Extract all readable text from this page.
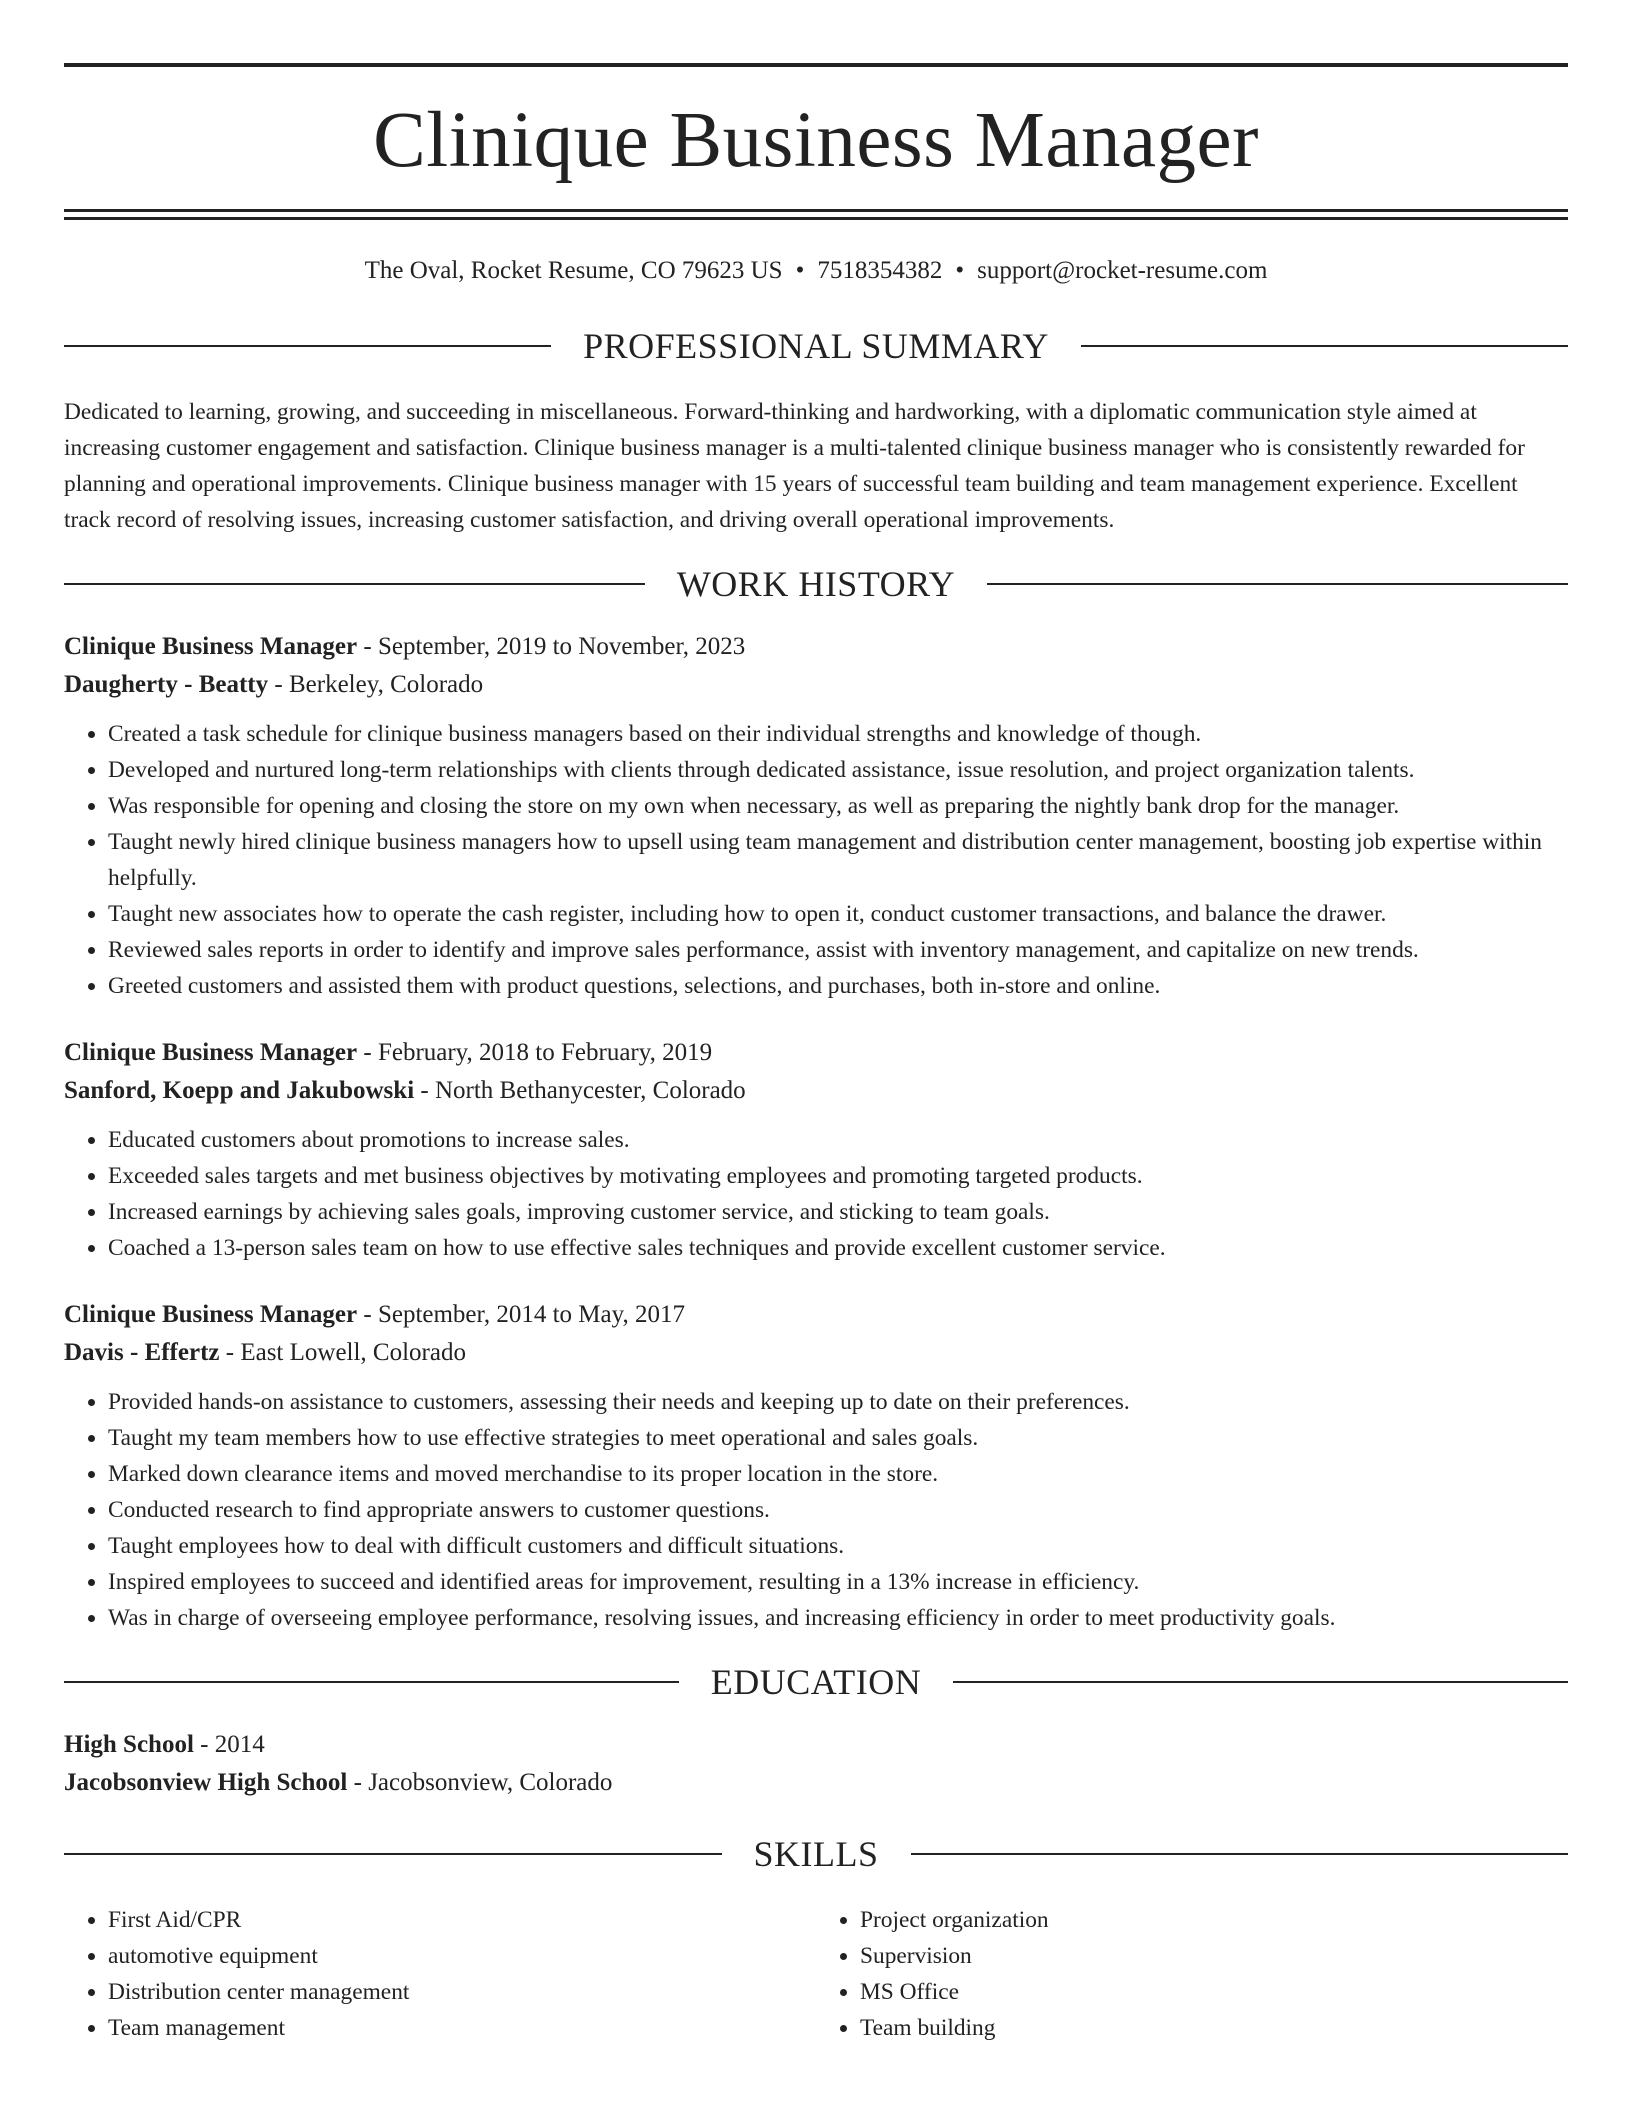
Clinique Business Manager
The Oval, Rocket Resume, CO 79623 US • 7518354382 • support@rocket-resume.com
PROFESSIONAL SUMMARY

Dedicated to learning, growing, and succeeding in miscellaneous. Forward-thinking and hardworking, with a diplomatic communication style aimed at increasing customer engagement and satisfaction. Clinique business manager is a multi-talented clinique business manager who is consistently rewarded for planning and operational improvements. Clinique business manager with 15 years of successful team building and team management experience. Excellent track record of resolving issues, increasing customer satisfaction, and driving overall operational improvements.

WORK HISTORY
Clinique Business Manager - September, 2019 to November, 2023
Daugherty - Beatty - Berkeley, Colorado
• Created a task schedule for clinique business managers based on their individual strengths and knowledge of though.
• Developed and nurtured long-term relationships with clients through dedicated assistance, issue resolution, and project organization talents.
• Was responsible for opening and closing the store on my own when necessary, as well as preparing the nightly bank drop for the manager.
• Taught newly hired clinique business managers how to upsell using team management and distribution center management, boosting job expertise within helpfully.
• Taught new associates how to operate the cash register, including how to open it, conduct customer transactions, and balance the drawer.
• Reviewed sales reports in order to identify and improve sales performance, assist with inventory management, and capitalize on new trends.
• Greeted customers and assisted them with product questions, selections, and purchases, both in-store and online.
Clinique Business Manager - February, 2018 to February, 2019
Sanford, Koepp and Jakubowski - North Bethanycester, Colorado
• Educated customers about promotions to increase sales.
• Exceeded sales targets and met business objectives by motivating employees and promoting targeted products.
• Increased earnings by achieving sales goals, improving customer service, and sticking to team goals.
• Coached a 13-person sales team on how to use effective sales techniques and provide excellent customer service.
Clinique Business Manager - September, 2014 to May, 2017
Davis - Effertz - East Lowell, Colorado
• Provided hands-on assistance to customers, assessing their needs and keeping up to date on their preferences.
• Taught my team members how to use effective strategies to meet operational and sales goals.
• Marked down clearance items and moved merchandise to its proper location in the store.
• Conducted research to find appropriate answers to customer questions.
• Taught employees how to deal with difficult customers and difficult situations.
• Inspired employees to succeed and identified areas for improvement, resulting in a 13% increase in efficiency.
• Was in charge of overseeing employee performance, resolving issues, and increasing efficiency in order to meet productivity goals.
EDUCATION
High School - 2014
Jacobsonview High School - Jacobsonview, Colorado
SKILLS
• First Aid/CPR
• automotive equipment
• Distribution center management
• Team management
• Project organization
• Supervision
• MS Office
• Team building
